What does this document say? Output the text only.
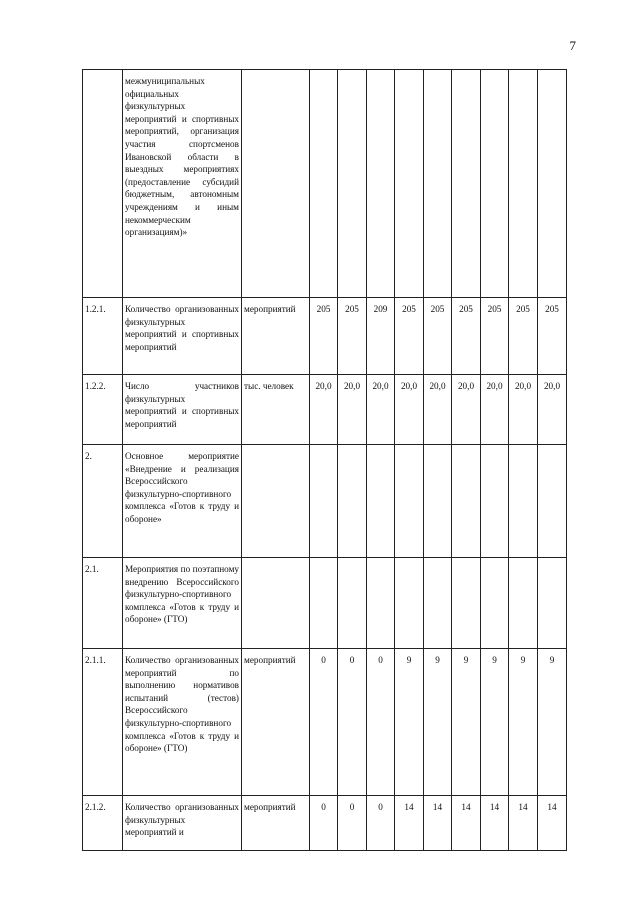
7

	межмуниципальных официальных физкультурных мероприятий и спортивных мероприятий, организация участия спортсменов Ивановской области в выездных мероприятиях (предоставление субсидий бюджетным, автономным учреждениям и иным некоммерческим организациям)»										

1.2.1.	Количество организованных физкультурных мероприятий и спортивных мероприятий	мероприятий	205	205	209	205	205	205	205	205	205
1.2.2.	Число участников физкультурных мероприятий и спортивных мероприятий	тыс. человек	20,0	20,0	20,0	20,0	20,0	20,0	20,0	20,0	20,0
2.	Основное мероприятие «Внедрение и реализация Всероссийского физкультурно-спортивного комплекса «Готов к труду и обороне»										

2.1.	Мероприятия по поэтапному внедрению Всероссийского физкультурно-спортивного комплекса «Готов к труду и обороне» (ГТО)										

2.1.1.	Количество организованных мероприятий по выполнению нормативов испытаний (тестов) Всероссийского физкультурно-спортивного комплекса «Готов к труду и обороне» (ГТО)	мероприятий	0	0	0	9	9	9	9	9	9
2.1.2.	Количество организованных физкультурных мероприятий и	мероприятий	0	0	0	14	14	14	14	14	14
